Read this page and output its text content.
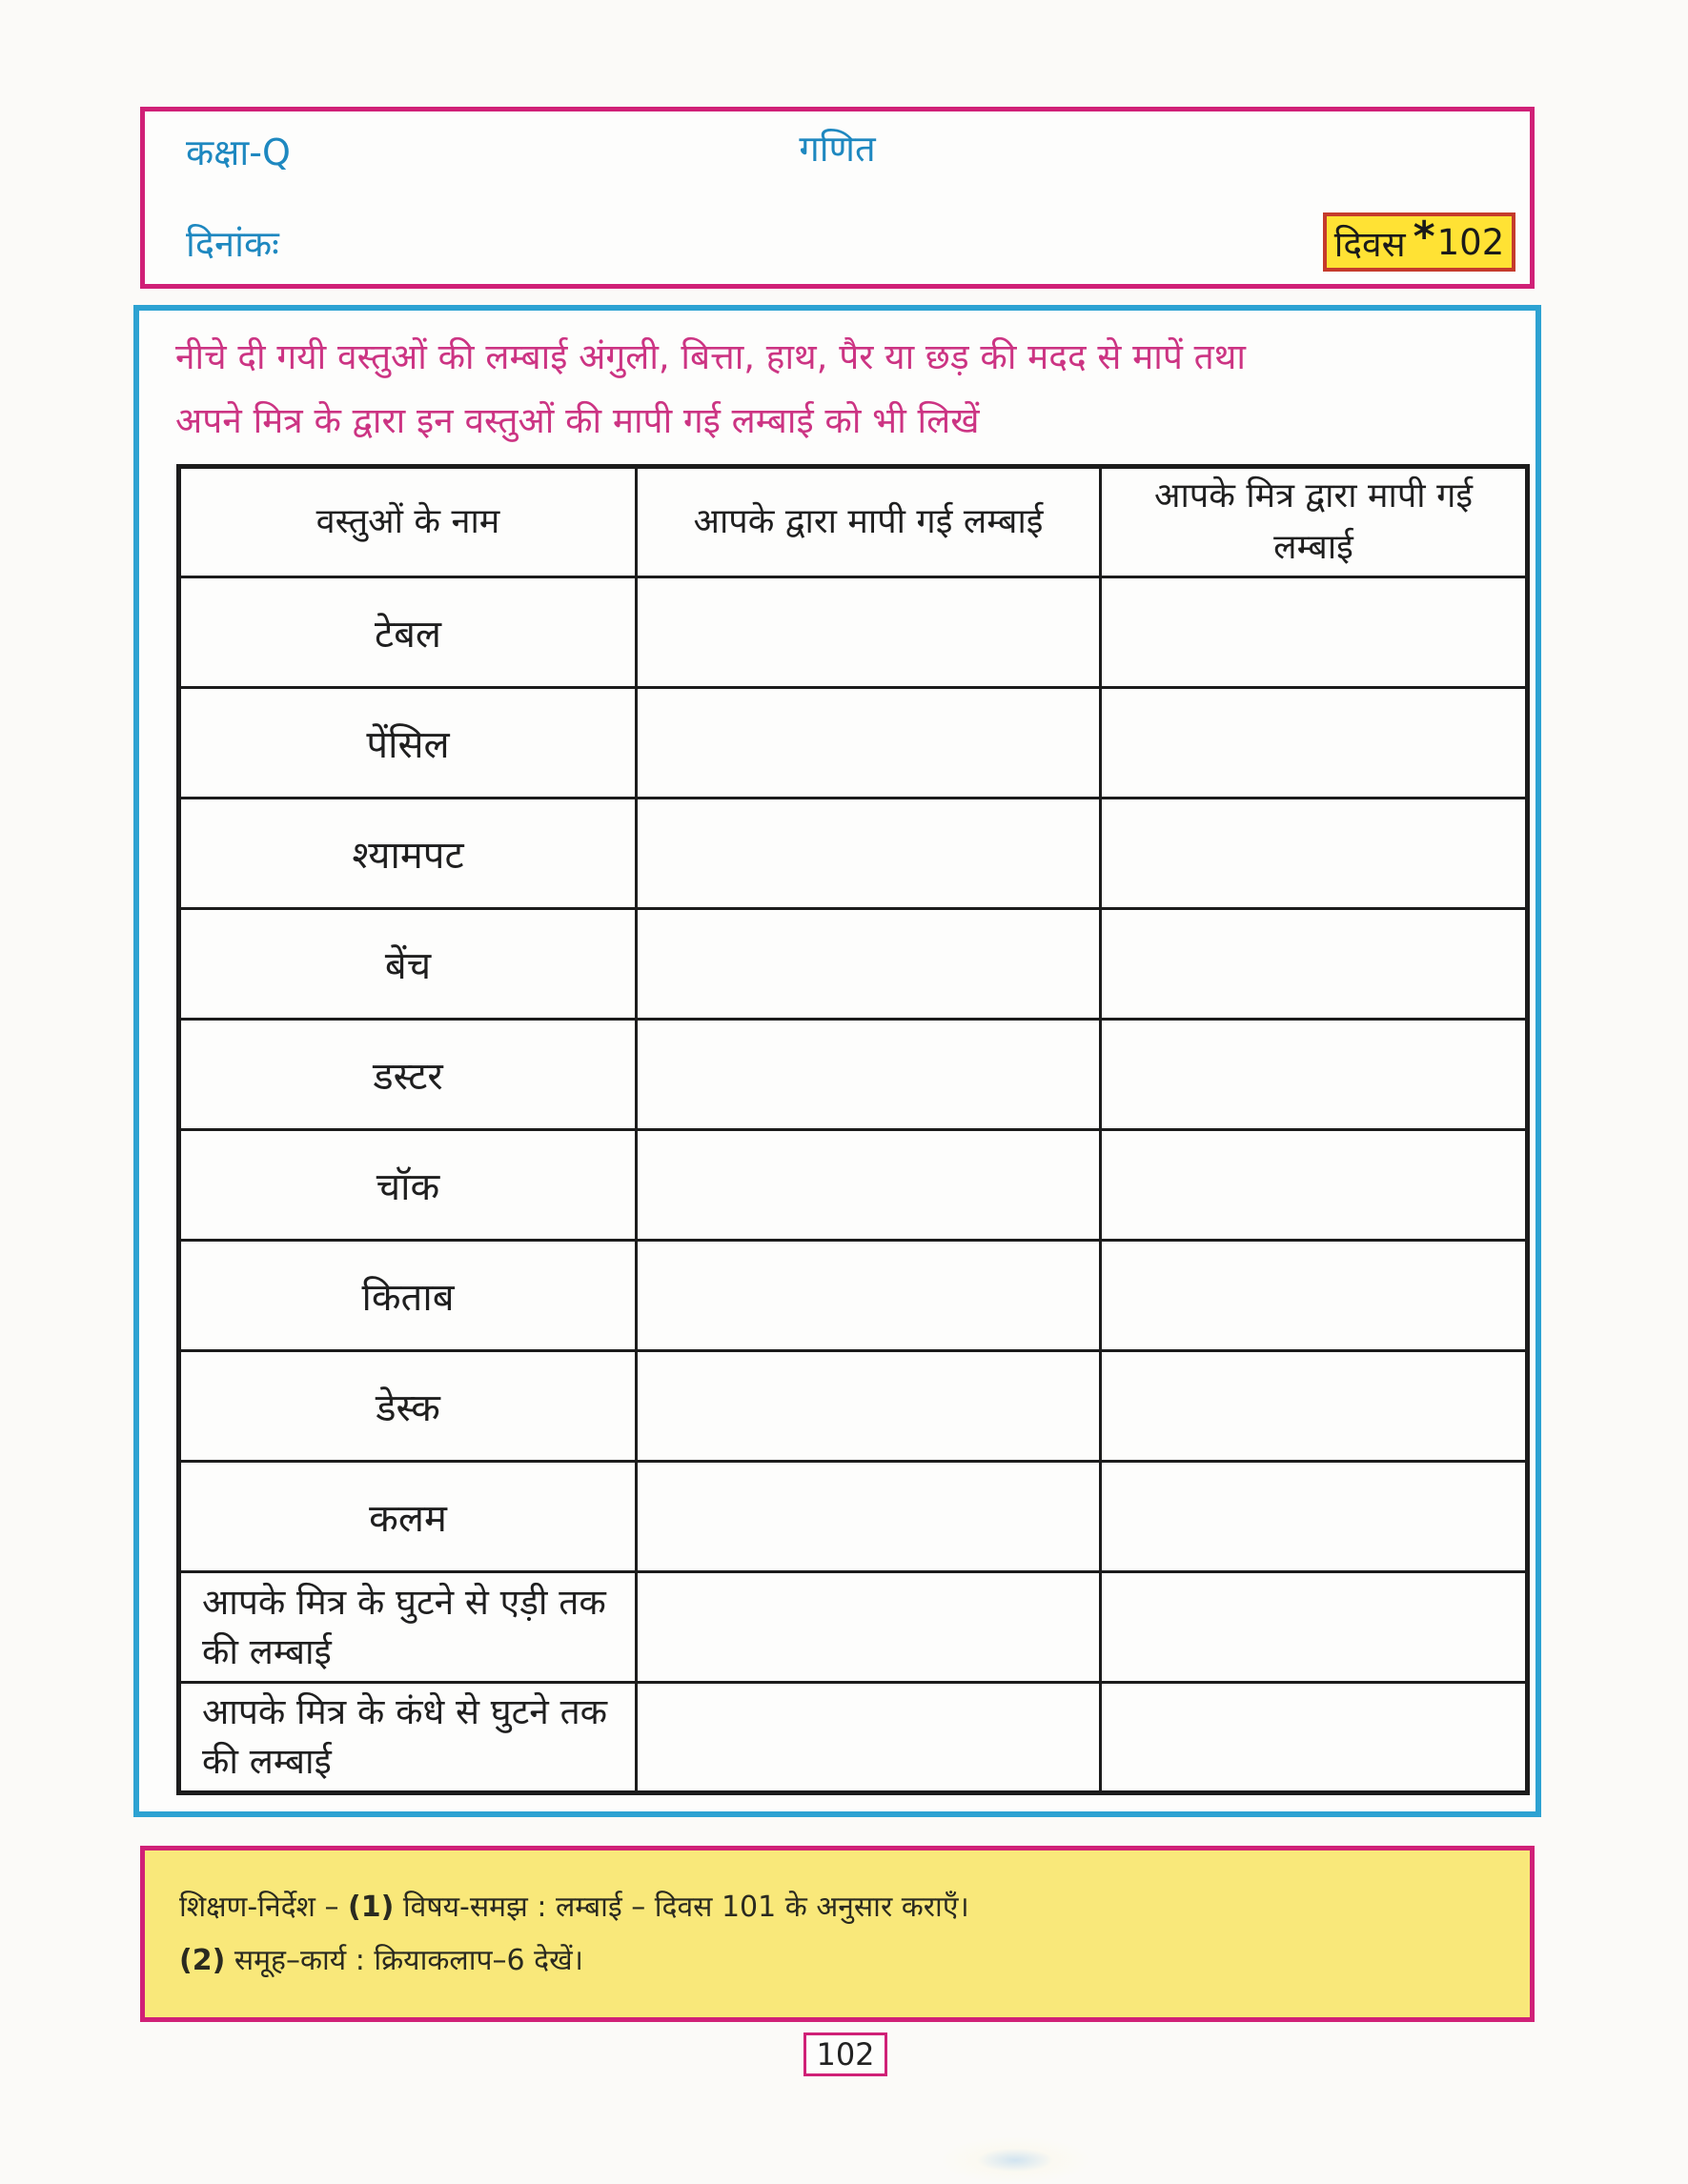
कक्षा-Q	गणित
दिनांकः	दिवस * 102
नीचे दी गयी वस्तुओं की लम्बाई अंगुली, बित्ता, हाथ, पैर या छड़ की मदद से मापें तथा
अपने मित्र के द्वारा इन वस्तुओं की मापी गई लम्बाई को भी लिखें
वस्तुओं के नाम	आपके द्वारा मापी गई लम्बाई	आपके मित्र द्वारा मापी गई लम्बाई
टेबल		
पेंसिल		
श्यामपट		
बेंच		
डस्टर		
चॉक		
किताब		
डेस्क		
कलम		
आपके मित्र के घुटने से एड़ी तक की लम्बाई		
आपके मित्र के कंधे से घुटने तक की लम्बाई		
शिक्षण-निर्देश – (1) विषय-समझ : लम्बाई – दिवस 101 के अनुसार कराएँ।
(2) समूह–कार्य : क्रियाकलाप–6 देखें।
102
